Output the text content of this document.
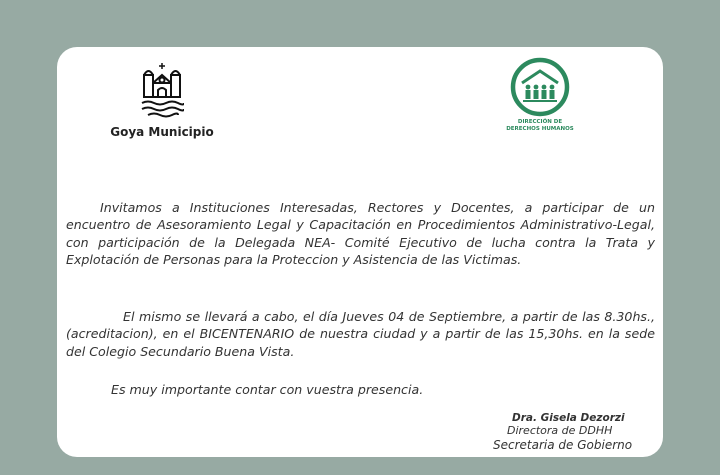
Goya Municipio
DIRECCIÓN DE
DERECHOS HUMANOS

Invitamos a Instituciones Interesadas, Rectores y Docentes, a participar de un encuentro de Asesoramiento Legal y Capacitación en Procedimientos Administrativo-Legal, con participación de la Delegada NEA- Comité Ejecutivo de lucha contra la Trata y Explotación de Personas para la Proteccion y Asistencia de las Victimas.

El mismo se llevará a cabo, el día Jueves 04 de Septiembre, a partir de las 8.30hs.,(acreditacion), en el BICENTENARIO de nuestra ciudad y a partir de las 15,30hs. en la sede del Colegio Secundario Buena Vista.

Es muy importante contar con vuestra presencia.

Dra. Gisela Dezorzi
Directora de DDHH
Secretaria de Gobierno
